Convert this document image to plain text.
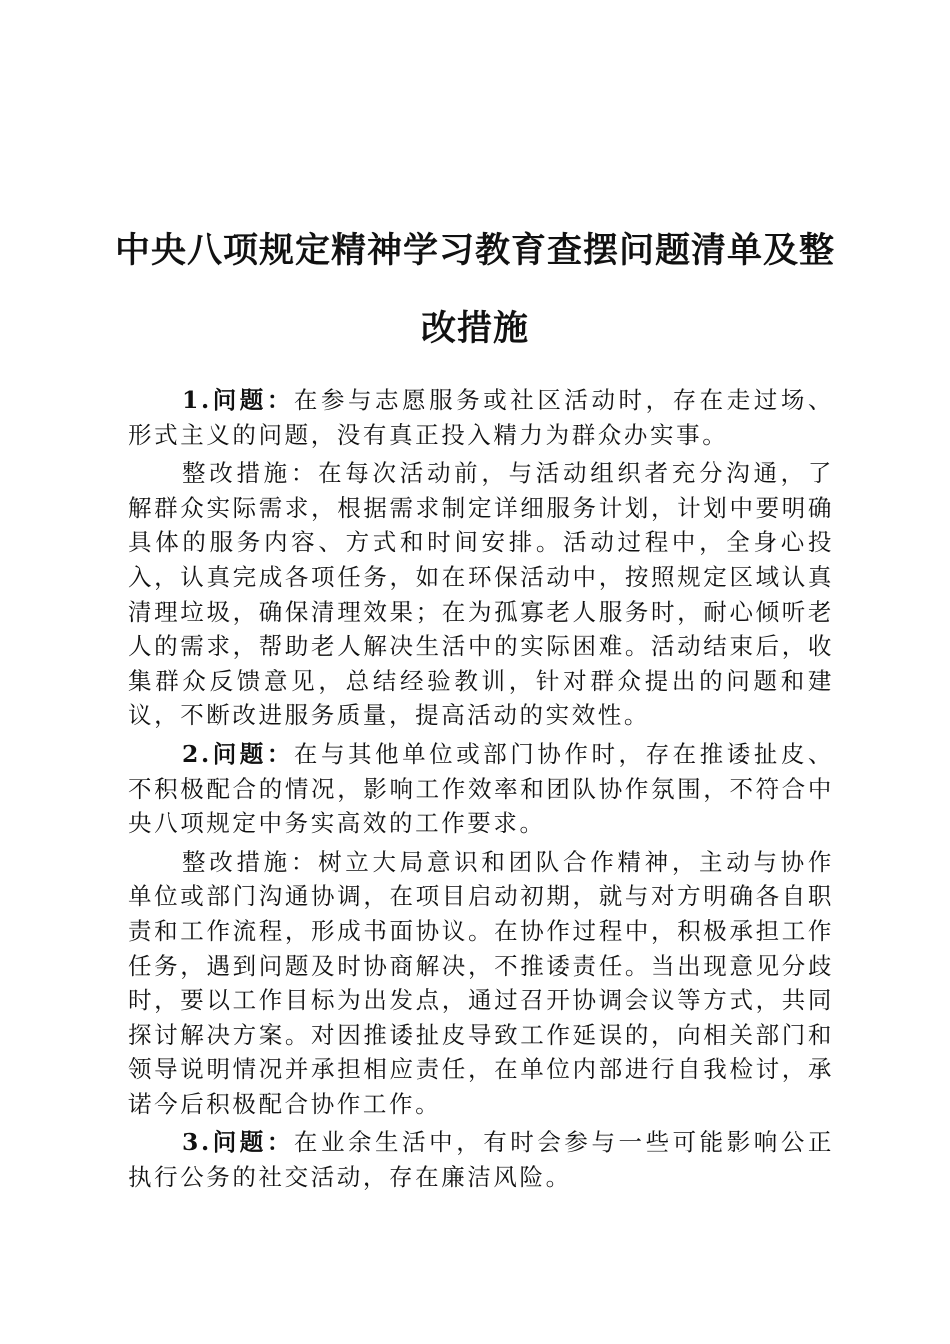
中央八项规定精神学习教育查摆问题清单及整
改措施

1.问题：在参与志愿服务或社区活动时，存在走过场、形式主义的问题，没有真正投入精力为群众办实事。

整改措施：在每次活动前，与活动组织者充分沟通，了解群众实际需求，根据需求制定详细服务计划，计划中要明确具体的服务内容、方式和时间安排。活动过程中，全身心投入，认真完成各项任务，如在环保活动中，按照规定区域认真清理垃圾，确保清理效果；在为孤寡老人服务时，耐心倾听老人的需求，帮助老人解决生活中的实际困难。活动结束后，收集群众反馈意见，总结经验教训，针对群众提出的问题和建议，不断改进服务质量，提高活动的实效性。

2.问题：在与其他单位或部门协作时，存在推诿扯皮、不积极配合的情况，影响工作效率和团队协作氛围，不符合中央八项规定中务实高效的工作要求。

整改措施：树立大局意识和团队合作精神，主动与协作单位或部门沟通协调，在项目启动初期，就与对方明确各自职责和工作流程，形成书面协议。在协作过程中，积极承担工作任务，遇到问题及时协商解决，不推诿责任。当出现意见分歧时，要以工作目标为出发点，通过召开协调会议等方式，共同探讨解决方案。对因推诿扯皮导致工作延误的，向相关部门和领导说明情况并承担相应责任，在单位内部进行自我检讨，承诺今后积极配合协作工作。

3.问题：在业余生活中，有时会参与一些可能影响公正执行公务的社交活动，存在廉洁风险。
